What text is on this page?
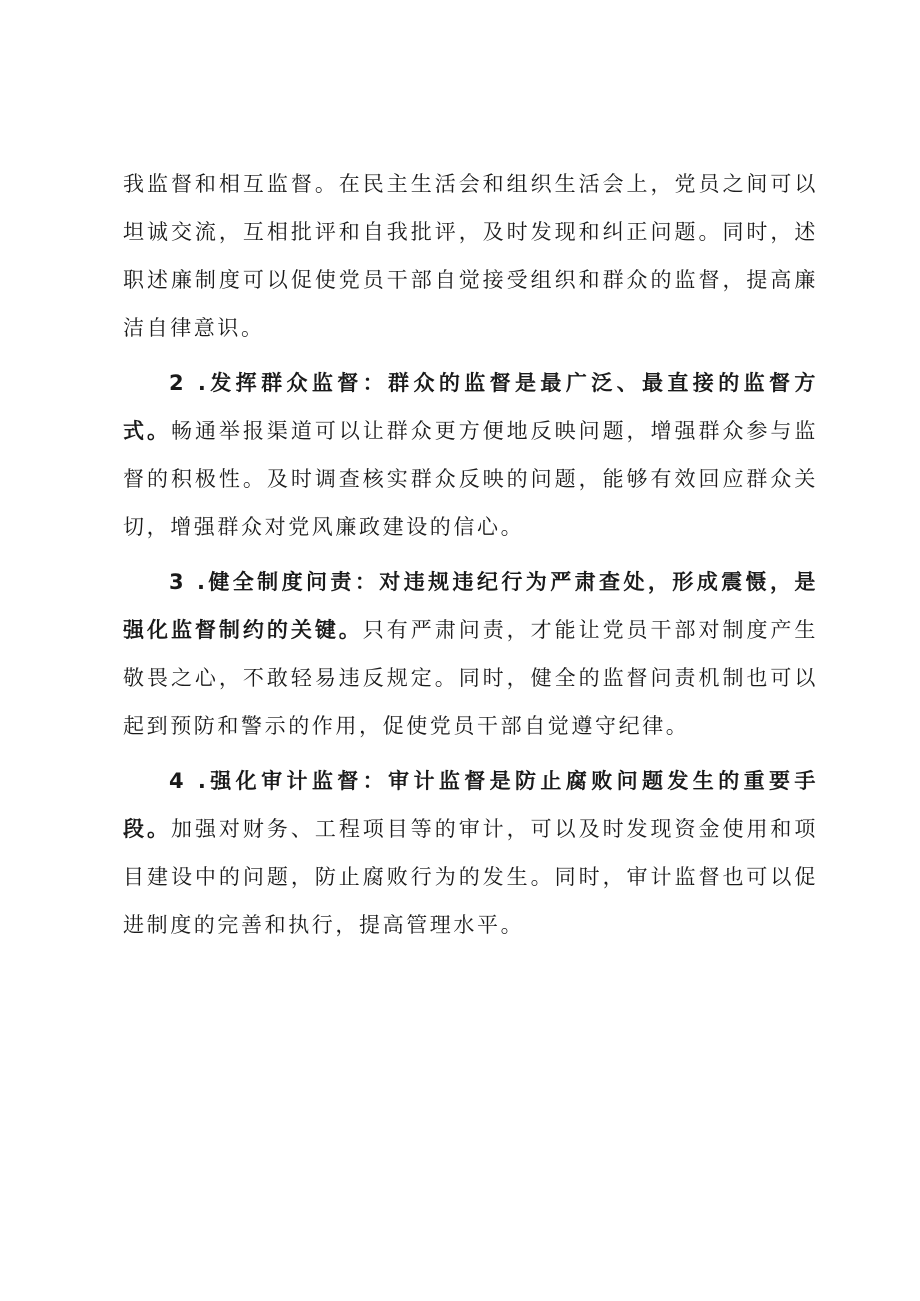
我监督和相互监督。在民主生活会和组织生活会上，党员之间可以坦诚交流，互相批评和自我批评，及时发现和纠正问题。同时，述职述廉制度可以促使党员干部自觉接受组织和群众的监督，提高廉洁自律意识。

2 .发挥群众监督：群众的监督是最广泛、最直接的监督方式。畅通举报渠道可以让群众更方便地反映问题，增强群众参与监督的积极性。及时调查核实群众反映的问题，能够有效回应群众关切，增强群众对党风廉政建设的信心。

3 .健全制度问责：对违规违纪行为严肃查处，形成震慑，是强化监督制约的关键。只有严肃问责，才能让党员干部对制度产生敬畏之心，不敢轻易违反规定。同时，健全的监督问责机制也可以起到预防和警示的作用，促使党员干部自觉遵守纪律。

4 .强化审计监督：审计监督是防止腐败问题发生的重要手段。加强对财务、工程项目等的审计，可以及时发现资金使用和项目建设中的问题，防止腐败行为的发生。同时，审计监督也可以促进制度的完善和执行，提高管理水平。
